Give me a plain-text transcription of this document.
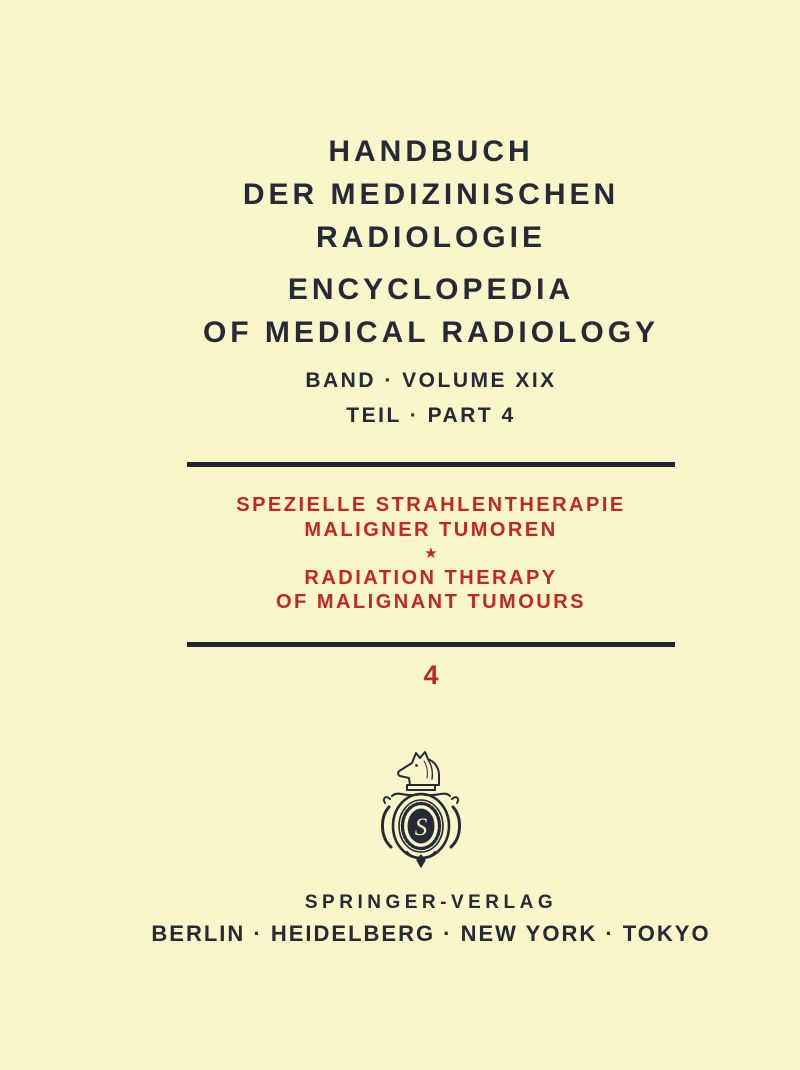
HANDBUCH
DER MEDIZINISCHEN
RADIOLOGIE
ENCYCLOPEDIA
OF MEDICAL RADIOLOGY
BAND · VOLUME XIX
TEIL · PART 4
SPEZIELLE STRAHLENTHERAPIE
MALIGNER TUMOREN
★
RADIATION THERAPY
OF MALIGNANT TUMOURS
4
S
SPRINGER-VERLAG
BERLIN · HEIDELBERG · NEW YORK · TOKYO
